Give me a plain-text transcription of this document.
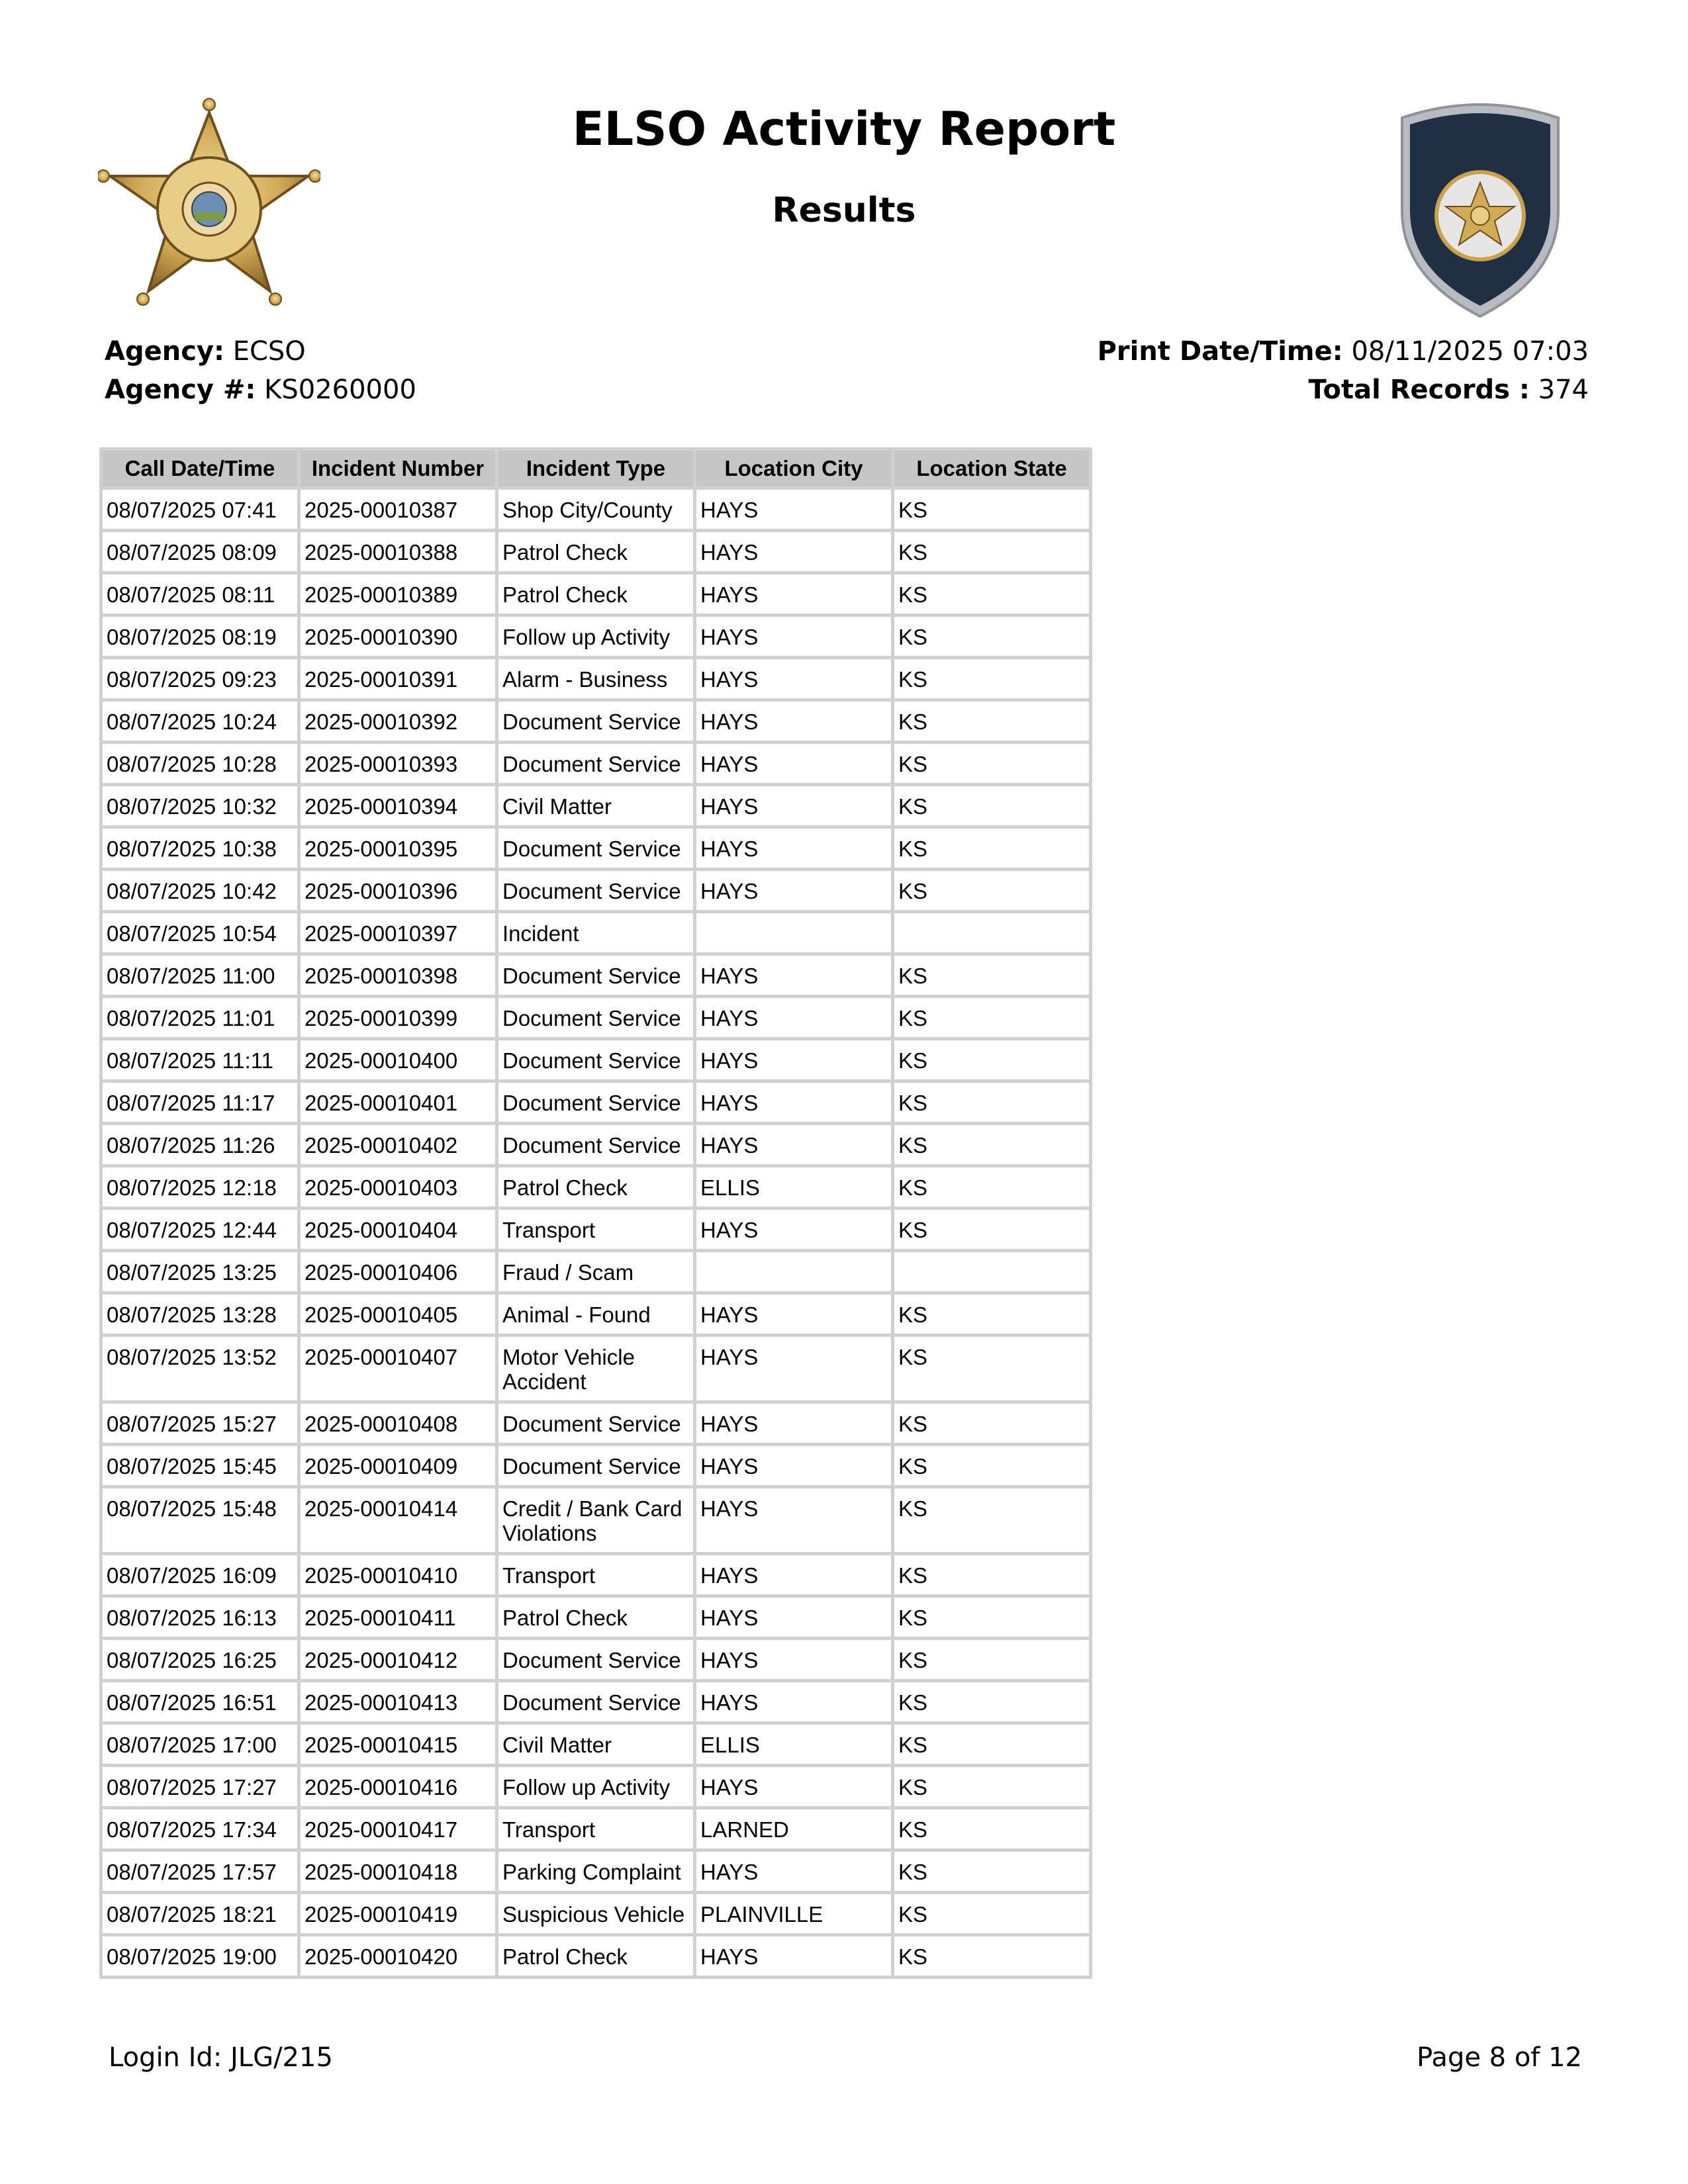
ELSO Activity Report
Results
Agency: ECSO
Agency #: KS0260000
Print Date/Time: 08/11/2025 07:03
Total Records : 374
Call Date/Time	Incident Number	Incident Type	Location City	Location State
08/07/2025 07:41	2025-00010387	Shop City/County	HAYS	KS
08/07/2025 08:09	2025-00010388	Patrol Check	HAYS	KS
08/07/2025 08:11	2025-00010389	Patrol Check	HAYS	KS
08/07/2025 08:19	2025-00010390	Follow up Activity	HAYS	KS
08/07/2025 09:23	2025-00010391	Alarm - Business	HAYS	KS
08/07/2025 10:24	2025-00010392	Document Service	HAYS	KS
08/07/2025 10:28	2025-00010393	Document Service	HAYS	KS
08/07/2025 10:32	2025-00010394	Civil Matter	HAYS	KS
08/07/2025 10:38	2025-00010395	Document Service	HAYS	KS
08/07/2025 10:42	2025-00010396	Document Service	HAYS	KS
08/07/2025 10:54	2025-00010397	Incident		
08/07/2025 11:00	2025-00010398	Document Service	HAYS	KS
08/07/2025 11:01	2025-00010399	Document Service	HAYS	KS
08/07/2025 11:11	2025-00010400	Document Service	HAYS	KS
08/07/2025 11:17	2025-00010401	Document Service	HAYS	KS
08/07/2025 11:26	2025-00010402	Document Service	HAYS	KS
08/07/2025 12:18	2025-00010403	Patrol Check	ELLIS	KS
08/07/2025 12:44	2025-00010404	Transport	HAYS	KS
08/07/2025 13:25	2025-00010406	Fraud / Scam		
08/07/2025 13:28	2025-00010405	Animal - Found	HAYS	KS
08/07/2025 13:52	2025-00010407	Motor Vehicle Accident	HAYS	KS
08/07/2025 15:27	2025-00010408	Document Service	HAYS	KS
08/07/2025 15:45	2025-00010409	Document Service	HAYS	KS
08/07/2025 15:48	2025-00010414	Credit / Bank Card Violations	HAYS	KS
08/07/2025 16:09	2025-00010410	Transport	HAYS	KS
08/07/2025 16:13	2025-00010411	Patrol Check	HAYS	KS
08/07/2025 16:25	2025-00010412	Document Service	HAYS	KS
08/07/2025 16:51	2025-00010413	Document Service	HAYS	KS
08/07/2025 17:00	2025-00010415	Civil Matter	ELLIS	KS
08/07/2025 17:27	2025-00010416	Follow up Activity	HAYS	KS
08/07/2025 17:34	2025-00010417	Transport	LARNED	KS
08/07/2025 17:57	2025-00010418	Parking Complaint	HAYS	KS
08/07/2025 18:21	2025-00010419	Suspicious Vehicle	PLAINVILLE	KS
08/07/2025 19:00	2025-00010420	Patrol Check	HAYS	KS
Login Id: JLG/215	Page 8 of 12
